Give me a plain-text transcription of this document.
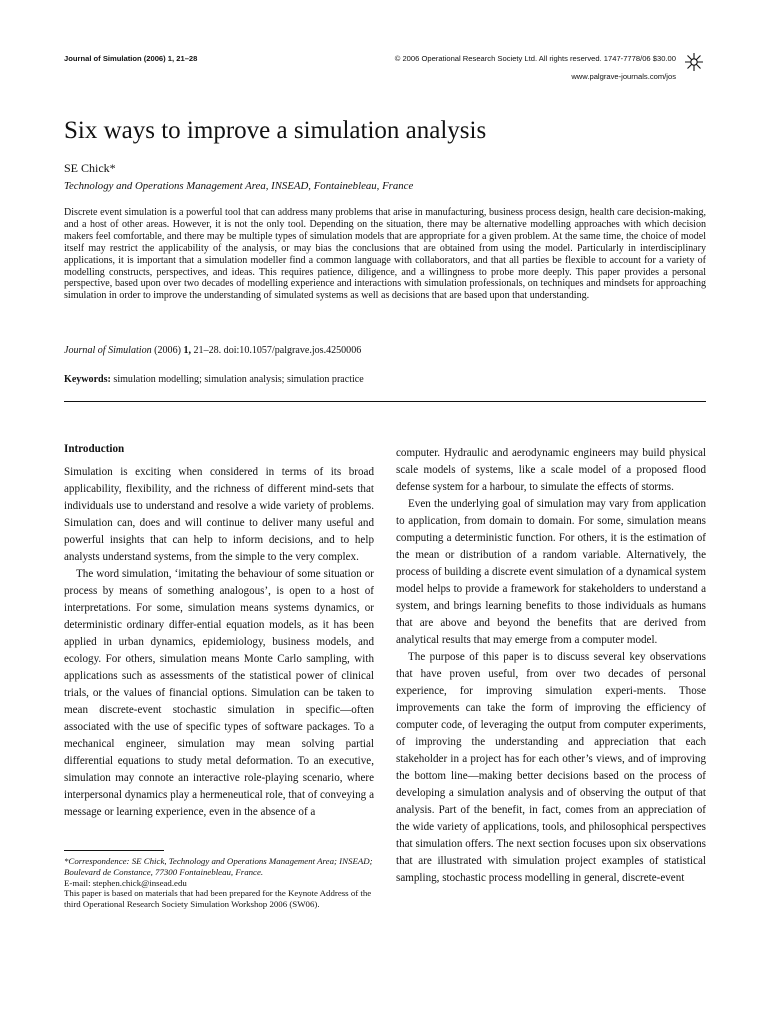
Journal of Simulation (2006) 1, 21–28	© 2006 Operational Research Society Ltd. All rights reserved. 1747-7778/06 $30.00
www.palgrave-journals.com/jos
Six ways to improve a simulation analysis
SE Chick*
Technology and Operations Management Area, INSEAD, Fontainebleau, France

Discrete event simulation is a powerful tool that can address many problems that arise in manufacturing, business process design, health care decision-making, and a host of other areas. However, it is not the only tool. Depending on the situation, there may be alternative modelling approaches with which decision makers feel comfortable, and there may be multiple types of simulation models that are appropriate for a given problem. At the same time, the choice of model itself may restrict the applicability of the analysis, or may bias the conclusions that are obtained from using the model. Particularly in interdisciplinary applications, it is important that a simulation modeller find a common language with collaborators, and that all parties be flexible to account for a variety of modelling constructs, perspectives, and ideas. This requires patience, diligence, and a willingness to probe more deeply. This paper provides a personal perspective, based upon over two decades of modelling experience and interactions with simulation professionals, on techniques and mindsets for approaching simulation in order to improve the understanding of simulated systems as well as decisions that are based upon that understanding.

Journal of Simulation (2006) 1, 21–28. doi:10.1057/palgrave.jos.4250006
Keywords: simulation modelling; simulation analysis; simulation practice
Introduction

Simulation is exciting when considered in terms of its broad applicability, flexibility, and the richness of different mind-sets that individuals use to understand and resolve a wide variety of problems. Simulation can, does and will continue to deliver many useful and powerful insights that can help to inform decisions, and to help analysts understand systems, from the simple to the very complex.

The word simulation, ‘imitating the behaviour of some situation or process by means of something analogous’, is open to a host of interpretations. For some, simulation means systems dynamics, or deterministic ordinary differ-ential equation models, as it has been applied in urban dynamics, epidemiology, business models, and ecology. For others, simulation means Monte Carlo sampling, with applications such as assessments of the statistical power of clinical trials, or the values of financial options. Simulation can be taken to mean discrete-event stochastic simulation in specific—often associated with the use of specific types of software packages. To a mechanical engineer, simulation may mean solving partial differential equations to study metal deformation. To an executive, simulation may connote an interactive role-playing scenario, where interpersonal dynamics play a hermeneutical role, that of conveying a message or learning experience, even in the absence of a

*Correspondence: SE Chick, Technology and Operations Management Area; INSEAD; Boulevard de Constance, 77300 Fontainebleau, France.

E-mail: stephen.chick@insead.edu

This paper is based on materials that had been prepared for the Keynote Address of the third Operational Research Society Simulation Workshop 2006 (SW06).

computer. Hydraulic and aerodynamic engineers may build physical scale models of systems, like a scale model of a proposed flood defense system for a harbour, to simulate the effects of storms.

Even the underlying goal of simulation may vary from application to application, from domain to domain. For some, simulation means computing a deterministic function. For others, it is the estimation of the mean or distribution of a random variable. Alternatively, the process of building a discrete event simulation of a dynamical system model helps to provide a framework for stakeholders to understand a system, and brings learning benefits to those individuals as humans that are above and beyond the benefits that are derived from analytical results that may emerge from a computer model.

The purpose of this paper is to discuss several key observations that have proven useful, from over two decades of personal experience, for improving simulation experi-ments. Those improvements can take the form of improving the efficiency of computer code, of leveraging the output from computer experiments, of improving the understanding and appreciation that each stakeholder in a project has for each other’s views, and of improving the bottom line—making better decisions based on the process of developing a simulation analysis and of observing the output of that analysis. Part of the benefit, in fact, comes from an appreciation of the wide variety of applications, tools, and philosophical perspectives that simulation offers. The next section focuses upon six observations that are illustrated with simulation project examples of statistical sampling, stochastic process modelling in general, discrete-event
